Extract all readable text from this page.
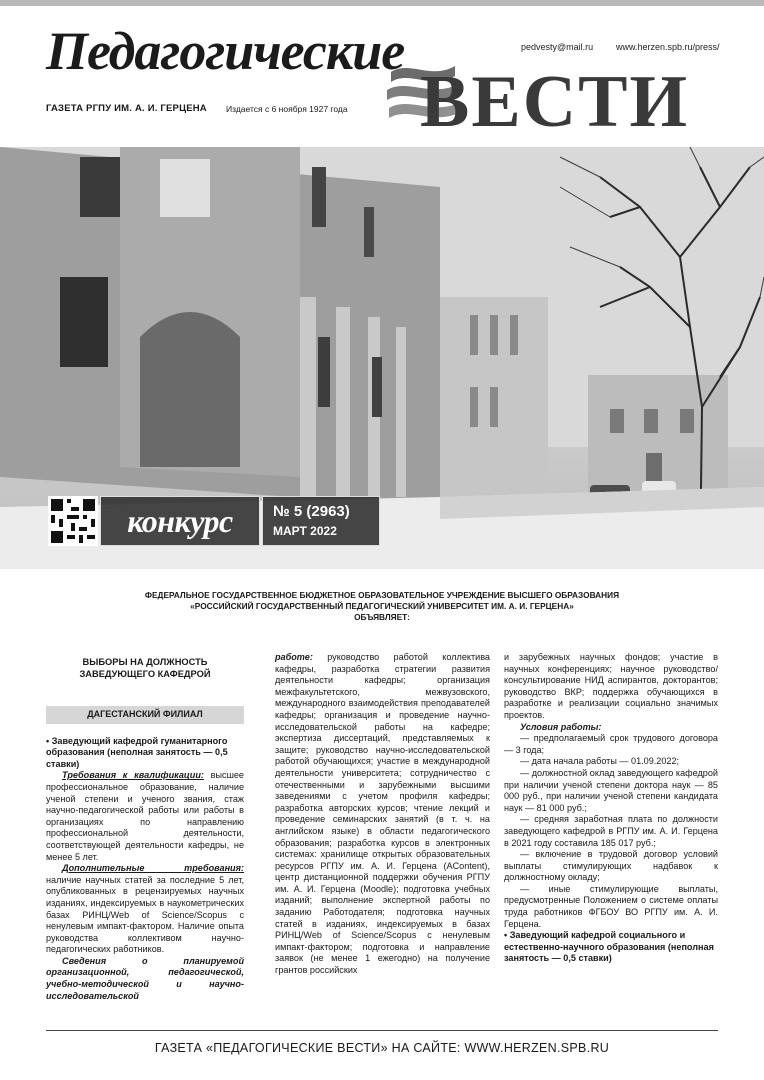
Педагогические
ВЕСТИ
pedvesty@mail.ru	www.herzen.spb.ru/press/
ГАЗЕТА РГПУ ИМ. А. И. ГЕРЦЕНА Издается с 6 ноября 1927 года
конкурс	№ 5 (2963)
МАРТ 2022
ФЕДЕРАЛЬНОЕ ГОСУДАРСТВЕННОЕ БЮДЖЕТНОЕ ОБРАЗОВАТЕЛЬНОЕ УЧРЕЖДЕНИЕ ВЫСШЕГО ОБРАЗОВАНИЯ
«РОССИЙСКИЙ ГОСУДАРСТВЕННЫЙ ПЕДАГОГИЧЕСКИЙ УНИВЕРСИТЕТ ИМ. А. И. ГЕРЦЕНА»
ОБЪЯВЛЯЕТ:
ВЫБОРЫ НА ДОЛЖНОСТЬ ЗАВЕДУЮЩЕГО КАФЕДРОЙ
ДАГЕСТАНСКИЙ ФИЛИАЛ

• Заведующий кафедрой гуманитарного образования (неполная занятость — 0,5 ставки)

Требования к квалификации: высшее профессиональное образование, наличие ученой степени и ученого звания, стаж научно-педагогической работы или работы в организациях по направлению профессиональной деятельности, соответствующей деятельности кафедры, не менее 5 лет.

Дополнительные требования: наличие научных статей за последние 5 лет, опубликованных в рецензируемых научных изданиях, индексируемых в наукометрических базах РИНЦ/Web of Science/Scopus с ненулевым импакт-фактором. Наличие опыта руководства коллективом научно-педагогических работников.

Сведения о планируемой организационной, педагогической, учебно-методической и научно-исследовательской

работе: руководство работой коллектива кафедры, разработка стратегии развития деятельности кафедры; организация межфакультетского, межвузовского, международного взаимодействия преподавателей кафедры; организация и проведение научно-исследовательской работы на кафедре; экспертиза диссертаций, представляемых к защите; руководство научно-исследовательской работой обучающихся; участие в международной деятельности университета; сотрудничество с отечественными и зарубежными высшими заведениями с учетом профиля кафедры; разработка авторских курсов; чтение лекций и проведение семинарских занятий (в т. ч. на английском языке) в области педагогического образования; разработка курсов в электронных системах: хранилище открытых образовательных ресурсов РГПУ им. А. И. Герцена (AContent), центр дистанционной поддержки обучения РГПУ им. А. И. Герцена (Moodle); подготовка учебных изданий; выполнение экспертной работы по заданию Работодателя; подготовка научных статей в изданиях, индексируемых в базах РИНЦ/Web of Science/Scopus с ненулевым импакт-фактором; подготовка и направление заявок (не менее 1 ежегодно) на получение грантов российских

и зарубежных научных фондов; участие в научных конференциях; научное руководство/консультирование НИД аспирантов, докторантов; руководство ВКР; поддержка обучающихся в разработке и реализации социально значимых проектов.

Условия работы:

— предполагаемый срок трудового договора — 3 года;

— дата начала работы — 01.09.2022;

— должностной оклад заведующего кафедрой при наличии ученой степени доктора наук — 85 000 руб., при наличии ученой степени кандидата наук — 81 000 руб.;

— средняя заработная плата по должности заведующего кафедрой в РГПУ им. А. И. Герцена в 2021 году составила 185 017 руб.;

— включение в трудовой договор условий выплаты стимулирующих надбавок к должностному окладу;

— иные стимулирующие выплаты, предусмотренные Положением о системе оплаты труда работников ФГБОУ ВО РГПУ им. А. И. Герцена.

• Заведующий кафедрой социального и естественно-научного образования (неполная занятость — 0,5 ставки)

ГАЗЕТА «ПЕДАГОГИЧЕСКИЕ ВЕСТИ» НА САЙТЕ: WWW.HERZEN.SPB.RU
